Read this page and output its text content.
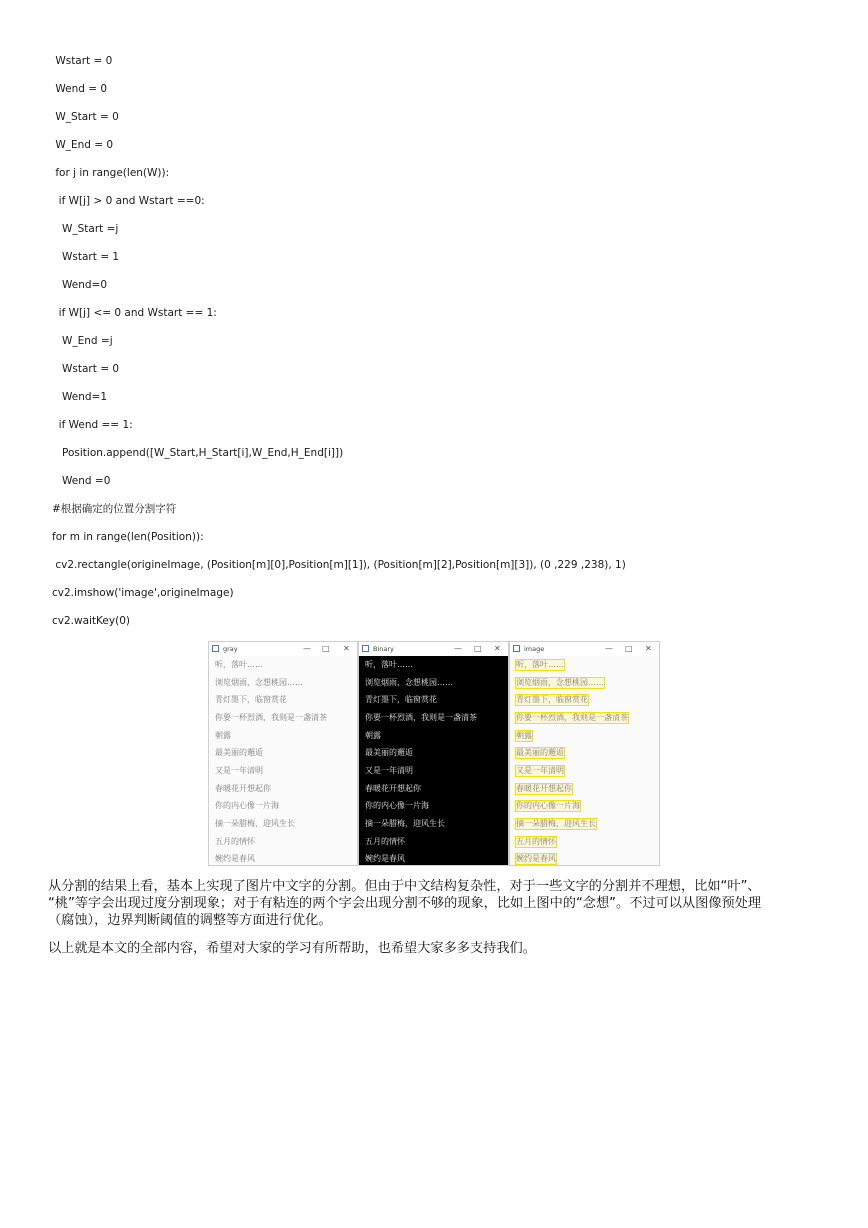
Wstart = 0
Wend = 0
W_Start = 0
W_End = 0
for j in range(len(W)):
if W[j] > 0 and Wstart ==0:
W_Start =j
Wstart = 1
Wend=0
if W[j] <= 0 and Wstart == 1:
W_End =j
Wstart = 0
Wend=1
if Wend == 1:
Position.append([W_Start,H_Start[i],W_End,H_End[i]])
Wend =0
#根据确定的位置分割字符
for m in range(len(Position)):
cv2.rectangle(origineImage, (Position[m][0],Position[m][1]), (Position[m][2],Position[m][3]), (0 ,229 ,238), 1)
cv2.imshow('image',origineImage)
cv2.waitKey(0)
gray	— □ ✕
听，落叶……
浏览烟雨，念想桃园……
青灯墨下，临窗赏花
你要一杯烈酒，我则是一盏清茶
朝露
最美丽的邂逅
又是一年清明
春暖花开想起你
你的内心像一片海
摘一朵腊梅，迎风生长
五月的情怀
婉约是春风
Binary	— □ ✕
听，落叶……
浏览烟雨，念想桃园……
青灯墨下，临窗赏花
你要一杯烈酒，我则是一盏清茶
朝露
最美丽的邂逅
又是一年清明
春暖花开想起你
你的内心像一片海
摘一朵腊梅，迎风生长
五月的情怀
婉约是春风
image	— □ ✕
听，落叶……
浏览烟雨，念想桃园……
青灯墨下，临窗赏花
你要一杯烈酒，我则是一盏清茶
朝露
最美丽的邂逅
又是一年清明
春暖花开想起你
你的内心像一片海
摘一朵腊梅，迎风生长
五月的情怀
婉约是春风
从分割的结果上看，基本上实现了图片中文字的分割。但由于中文结构复杂性，对于一些文字的分割并不理想，比如“叶”、
“桃”等字会出现过度分割现象；对于有粘连的两个字会出现分割不够的现象，比如上图中的“念想”。不过可以从图像预处理
（腐蚀），边界判断阈值的调整等方面进行优化。
以上就是本文的全部内容，希望对大家的学习有所帮助，也希望大家多多支持我们。
